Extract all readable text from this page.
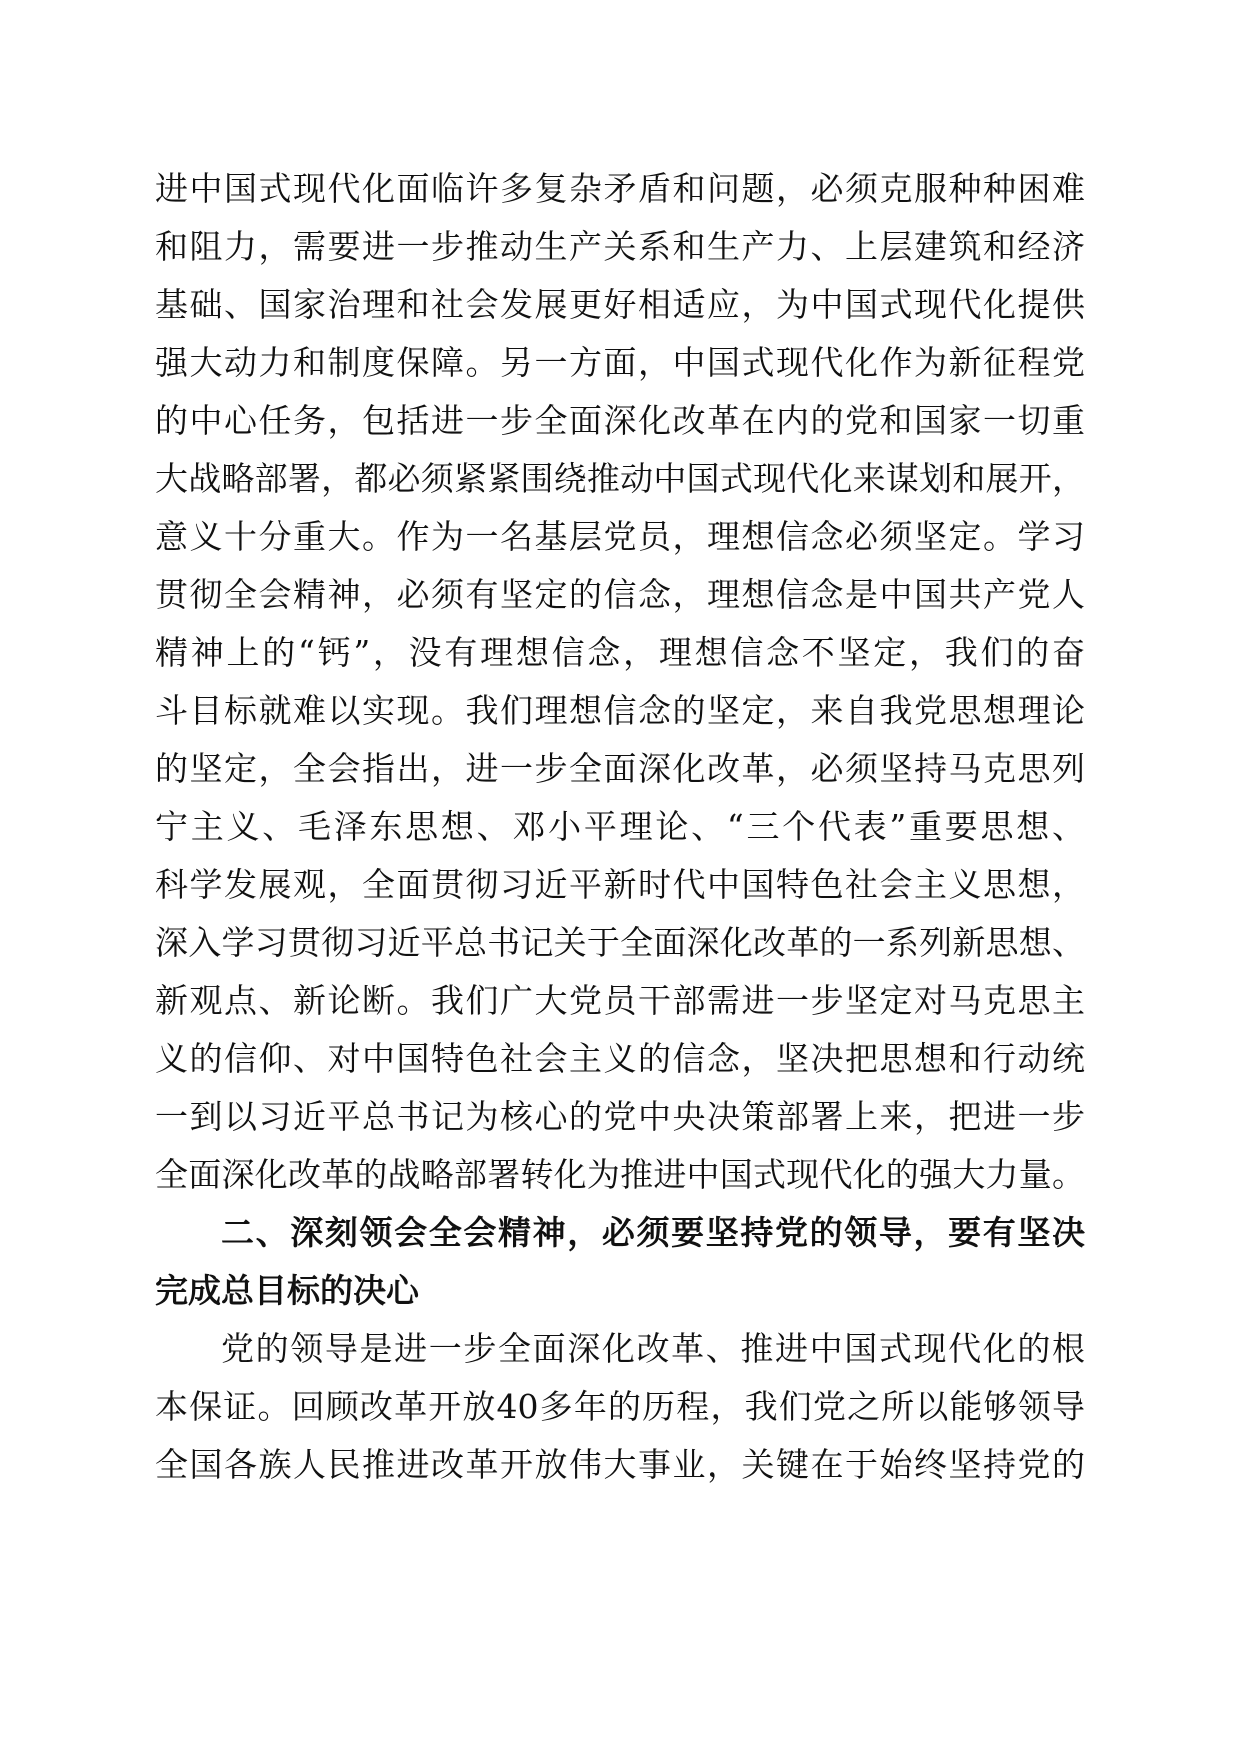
进中国式现代化面临许多复杂矛盾和问题，必须克服种种困难
和阻力，需要进一步推动生产关系和生产力、上层建筑和经济
基础、国家治理和社会发展更好相适应，为中国式现代化提供
强大动力和制度保障。另一方面，中国式现代化作为新征程党
的中心任务，包括进一步全面深化改革在内的党和国家一切重
大战略部署，都必须紧紧围绕推动中国式现代化来谋划和展开，
意义十分重大。作为一名基层党员，理想信念必须坚定。学习
贯彻全会精神，必须有坚定的信念，理想信念是中国共产党人
精神上的“钙”，没有理想信念，理想信念不坚定，我们的奋
斗目标就难以实现。我们理想信念的坚定，来自我党思想理论
的坚定，全会指出，进一步全面深化改革，必须坚持马克思列
宁主义、毛泽东思想、邓小平理论、“三个代表”重要思想、
科学发展观，全面贯彻习近平新时代中国特色社会主义思想，
深入学习贯彻习近平总书记关于全面深化改革的一系列新思想、
新观点、新论断。我们广大党员干部需进一步坚定对马克思主
义的信仰、对中国特色社会主义的信念，坚决把思想和行动统
一到以习近平总书记为核心的党中央决策部署上来，把进一步
全面深化改革的战略部署转化为推进中国式现代化的强大力量。
二、深刻领会全会精神，必须要坚持党的领导，要有坚决
完成总目标的决心
党的领导是进一步全面深化改革、推进中国式现代化的根
本保证。回顾改革开放40多年的历程，我们党之所以能够领导
全国各族人民推进改革开放伟大事业，关键在于始终坚持党的
